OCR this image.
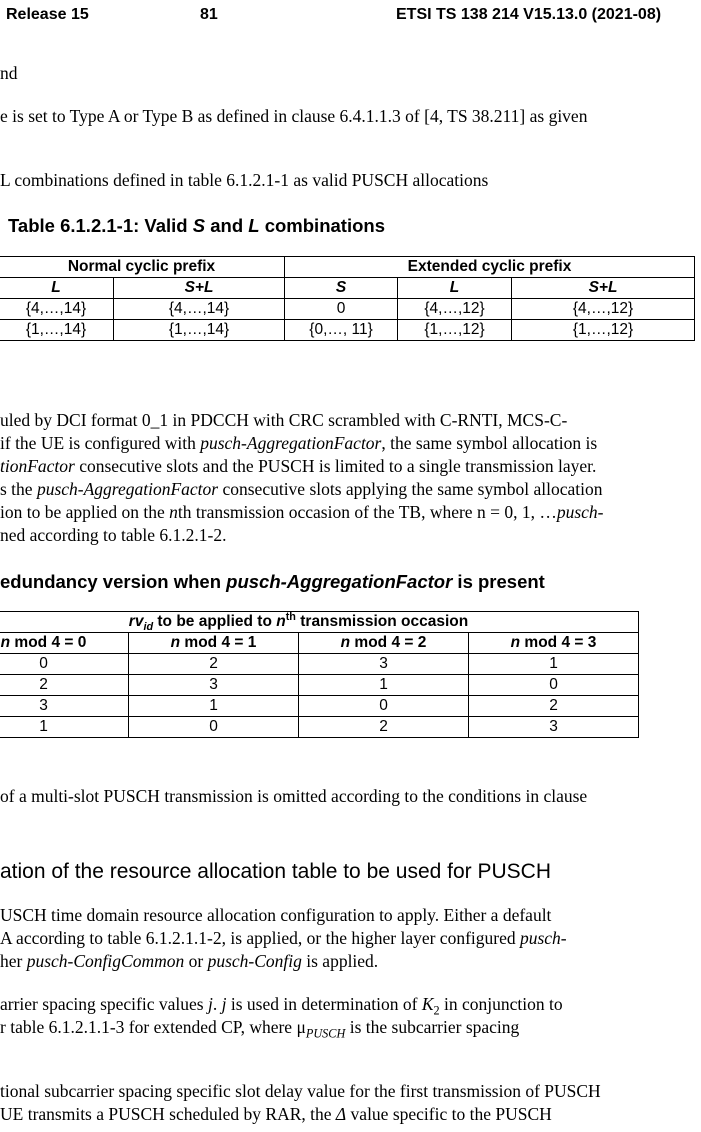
Release 15	81	ETSI TS 138 214 V15.13.0 (2021-08)
nd
e is set to Type A or Type B as defined in clause 6.4.1.1.3 of [4, TS 38.211] as given
L combinations defined in table 6.1.2.1-1 as valid PUSCH allocations
Table 6.1.2.1-1: Valid S and L combinations
Normal cyclic prefix		Extended cyclic prefix		
L	S+L	S	L	S+L
{4,…,14}	{4,…,14}	0	{4,…,12}	{4,…,12}
{1,…,14}	{1,…,14}	{0,…, 11}	{1,…,12}	{1,…,12}
uled by DCI format 0_1 in PDCCH with CRC scrambled with C-RNTI, MCS-C-
if the UE is configured with pusch-AggregationFactor, the same symbol allocation is
tionFactor consecutive slots and the PUSCH is limited to a single transmission layer.
s the pusch-AggregationFactor consecutive slots applying the same symbol allocation
ion to be applied on the nth transmission occasion of the TB, where n = 0, 1, …pusch-
ned according to table 6.1.2.1-2.
edundancy version when pusch-AggregationFactor is present
$rv_{id}$ to be applied to $n^{th}$ transmission occasion			
n mod 4 = 0	n mod 4 = 1	n mod 4 = 2	n mod 4 = 3
0	2	3	1
2	3	1	0
3	1	0	2
1	0	2	3
of a multi-slot PUSCH transmission is omitted according to the conditions in clause
ation of the resource allocation table to be used for PUSCH
USCH time domain resource allocation configuration to apply. Either a default
A according to table 6.1.2.1.1-2, is applied, or the higher layer configured pusch-
her pusch-ConfigCommon or pusch-Config is applied.
arrier spacing specific values j. j is used in determination of $K_2$ in conjunction to
r table 6.1.2.1.1-3 for extended CP, where $\mu_{PUSCH}$ is the subcarrier spacing
tional subcarrier spacing specific slot delay value for the first transmission of PUSCH
UE transmits a PUSCH scheduled by RAR, the Δ value specific to the PUSCH
